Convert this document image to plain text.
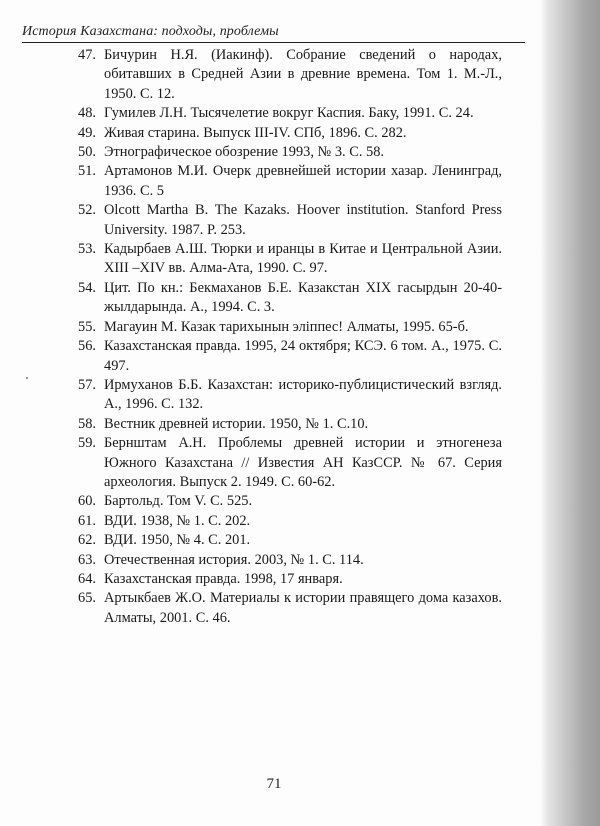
История Казахстана: подходы, проблемы
47. Бичурин Н.Я. (Иакинф). Собрание сведений о народах, обитавших в Средней Азии в древние времена. Том 1. М.-Л., 1950. С. 12.
48. Гумилев Л.Н. Тысячелетие вокруг Каспия. Баку, 1991. С. 24.
49. Живая старина. Выпуск III-IV. СПб, 1896. С. 282.
50. Этнографическое обозрение 1993, № 3. С. 58.
51. Артамонов М.И. Очерк древнейшей истории хазар. Ленинград, 1936. С. 5
52. Olcott Martha B. The Kazaks. Hoover institution. Stanford Press University. 1987. P. 253.
53. Кадырбаев А.Ш. Тюрки и иранцы в Китае и Центральной Азии. XIII –XIV вв. Алма-Ата, 1990. С. 97.
54. Цит. По кн.: Бекмаханов Б.Е. Казакстан XIX гасырдын 20-40-жылдарында. А., 1994. С. 3.
55. Магауин М. Казак тарихынын элiппес! Алматы, 1995. 65-б.
56. Казахстанская правда. 1995, 24 октября; КСЭ. 6 том. А., 1975. С. 497.
57. Ирмуханов Б.Б. Казахстан: историко-публицистический взгляд. А., 1996. С. 132.
58. Вестник древней истории. 1950, № 1. С.10.
59. Бернштам А.Н. Проблемы древней истории и этногенеза Южного Казахстана // Известия АН КазССР. № 67. Серия археология. Выпуск 2. 1949. С. 60-62.
60. Бартольд. Том V. С. 525.
61. ВДИ. 1938, № 1. С. 202.
62. ВДИ. 1950, № 4. С. 201.
63. Отечественная история. 2003, № 1. С. 114.
64. Казахстанская правда. 1998, 17 января.
65. Артыкбаев Ж.О. Материалы к истории правящего дома казахов. Алматы, 2001. С. 46.
71
